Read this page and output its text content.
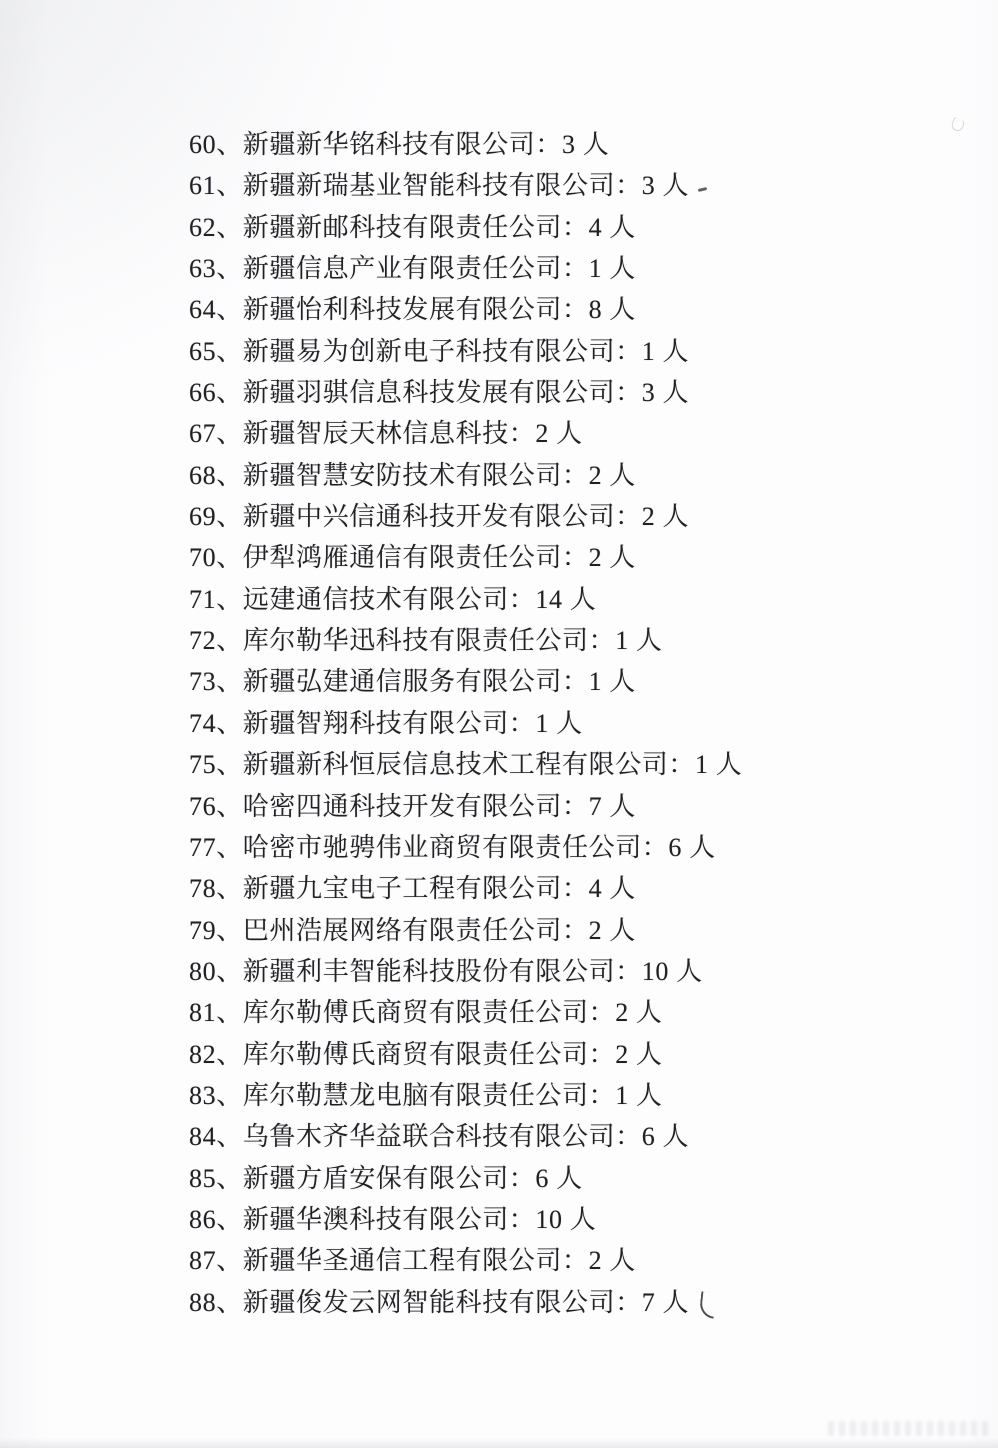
60、新疆新华铭科技有限公司：3 人
61、新疆新瑞基业智能科技有限公司：3 人
62、新疆新邮科技有限责任公司：4 人
63、新疆信息产业有限责任公司：1 人
64、新疆怡利科技发展有限公司：8 人
65、新疆易为创新电子科技有限公司：1 人
66、新疆羽骐信息科技发展有限公司：3 人
67、新疆智辰天林信息科技：2 人
68、新疆智慧安防技术有限公司：2 人
69、新疆中兴信通科技开发有限公司：2 人
70、伊犁鸿雁通信有限责任公司：2 人
71、远建通信技术有限公司：14 人
72、库尔勒华迅科技有限责任公司：1 人
73、新疆弘建通信服务有限公司：1 人
74、新疆智翔科技有限公司：1 人
75、新疆新科恒辰信息技术工程有限公司：1 人
76、哈密四通科技开发有限公司：7 人
77、哈密市驰骋伟业商贸有限责任公司：6 人
78、新疆九宝电子工程有限公司：4 人
79、巴州浩展网络有限责任公司：2 人
80、新疆利丰智能科技股份有限公司：10 人
81、库尔勒傅氏商贸有限责任公司：2 人
82、库尔勒傅氏商贸有限责任公司：2 人
83、库尔勒慧龙电脑有限责任公司：1 人
84、乌鲁木齐华益联合科技有限公司：6 人
85、新疆方盾安保有限公司：6 人
86、新疆华澳科技有限公司：10 人
87、新疆华圣通信工程有限公司：2 人
88、新疆俊发云网智能科技有限公司：7 人
